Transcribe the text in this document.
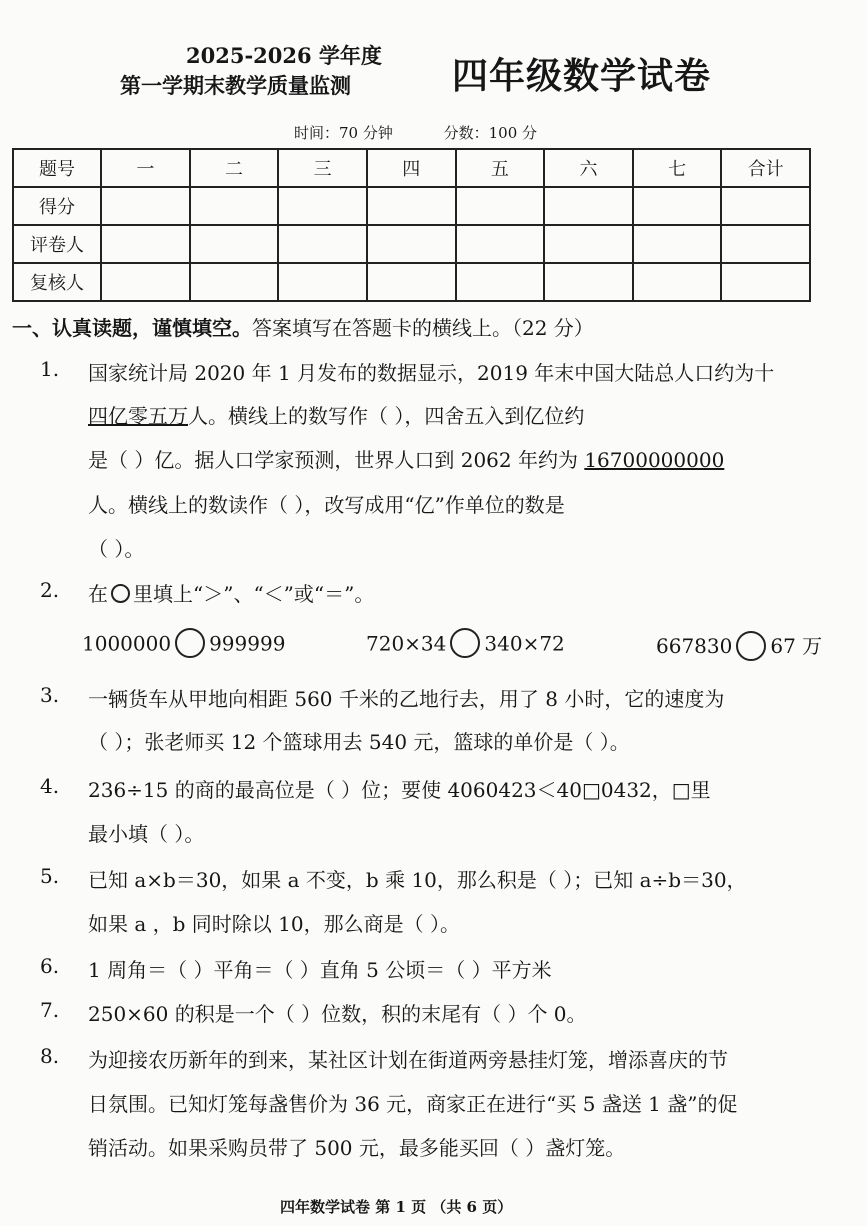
2025-2026 学年度
第一学期末教学质量监测	四年级数学试卷
时间：70 分钟	分数：100 分
题号	一	二	三	四	五	六	七	合计
得分								
评卷人								
复核人								
一、认真读题，谨慎填空。答案填写在答题卡的横线上。（22 分）
1. 国家统计局 2020 年 1 月发布的数据显示，2019 年末中国大陆总人口约为十
四亿零五万人。横线上的数写作（ ），四舍五入到亿位约
是（ ）亿。据人口学家预测，世界人口到 2062 年约为 16700000000
人。横线上的数读作（ ），改写成用“亿”作单位的数是
（ ）。
2. 在 里填上“＞”、“＜”或“＝”。
1000000 999999	720×34 340×72	667830 67 万
3. 一辆货车从甲地向相距 560 千米的乙地行去，用了 8 小时，它的速度为
（ ）；张老师买 12 个篮球用去 540 元，篮球的单价是（ ）。
4. 236÷15 的商的最高位是（ ）位；要使 4060423＜40□0432，□里
最小填（ ）。
5. 已知 a×b＝30，如果 a 不变，b 乘 10，那么积是（ ）；已知 a÷b＝30，
如果 a ，b 同时除以 10，那么商是（ ）。
6. 1 周角＝（ ）平角＝（ ）直角 5 公顷＝（ ）平方米
7. 250×60 的积是一个（ ）位数，积的末尾有（ ）个 0。
8. 为迎接农历新年的到来，某社区计划在街道两旁悬挂灯笼，增添喜庆的节
日氛围。已知灯笼每盏售价为 36 元，商家正在进行“买 5 盏送 1 盏”的促
销活动。如果采购员带了 500 元，最多能买回（ ）盏灯笼。
四年数学试卷 第 1 页 （共 6 页）
